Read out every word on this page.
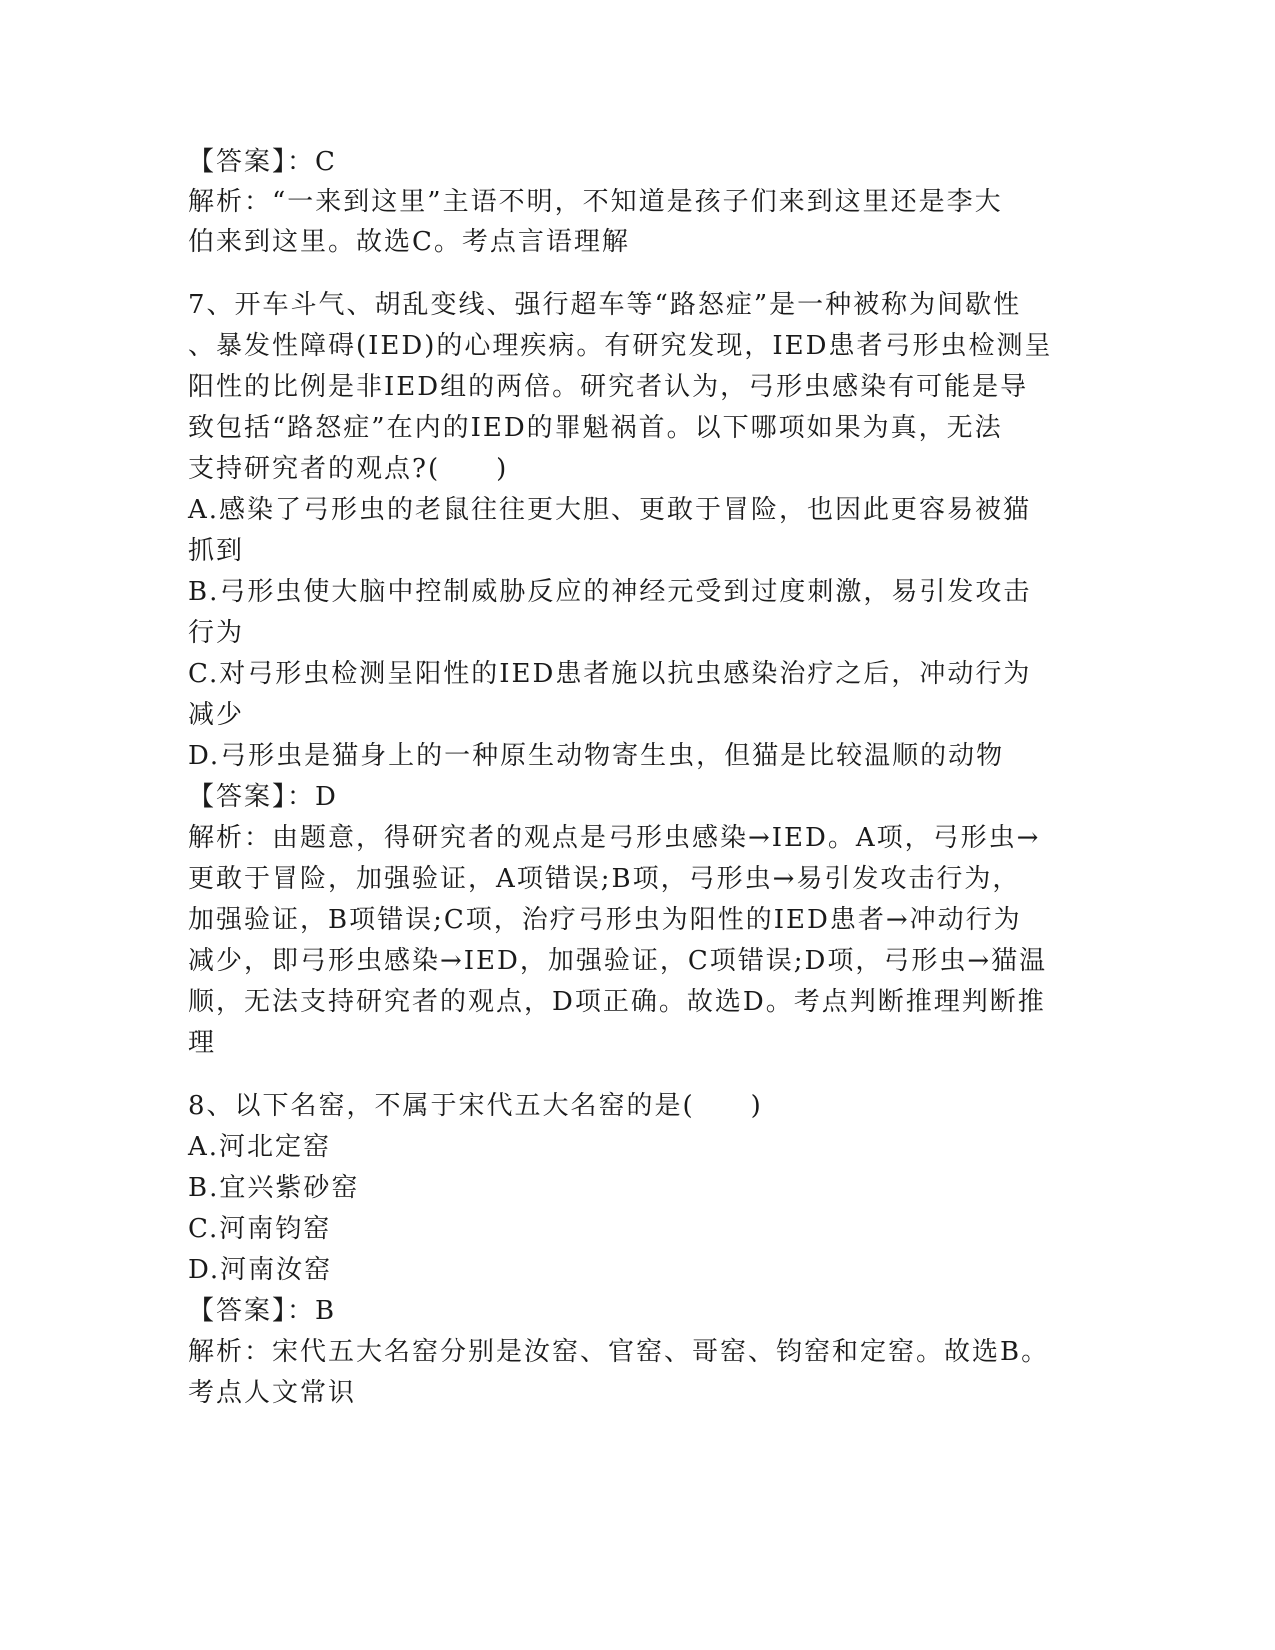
【答案】：C
解析：“一来到这里”主语不明，不知道是孩子们来到这里还是李大
伯来到这里。故选C。考点言语理解
7、开车斗气、胡乱变线、强行超车等“路怒症”是一种被称为间歇性
、暴发性障碍(IED)的心理疾病。有研究发现，IED患者弓形虫检测呈
阳性的比例是非IED组的两倍。研究者认为，弓形虫感染有可能是导
致包括“路怒症”在内的IED的罪魁祸首。以下哪项如果为真，无法
支持研究者的观点?(　　)
A.感染了弓形虫的老鼠往往更大胆、更敢于冒险，也因此更容易被猫
抓到
B.弓形虫使大脑中控制威胁反应的神经元受到过度刺激，易引发攻击
行为
C.对弓形虫检测呈阳性的IED患者施以抗虫感染治疗之后，冲动行为
减少
D.弓形虫是猫身上的一种原生动物寄生虫，但猫是比较温顺的动物
【答案】：D
解析：由题意，得研究者的观点是弓形虫感染→IED。A项，弓形虫→
更敢于冒险，加强验证，A项错误;B项，弓形虫→易引发攻击行为，
加强验证，B项错误;C项，治疗弓形虫为阳性的IED患者→冲动行为
减少，即弓形虫感染→IED，加强验证，C项错误;D项，弓形虫→猫温
顺，无法支持研究者的观点，D项正确。故选D。考点判断推理判断推
理
8、以下名窑，不属于宋代五大名窑的是(　　)
A.河北定窑
B.宜兴紫砂窑
C.河南钧窑
D.河南汝窑
【答案】：B
解析：宋代五大名窑分别是汝窑、官窑、哥窑、钧窑和定窑。故选B。
考点人文常识
